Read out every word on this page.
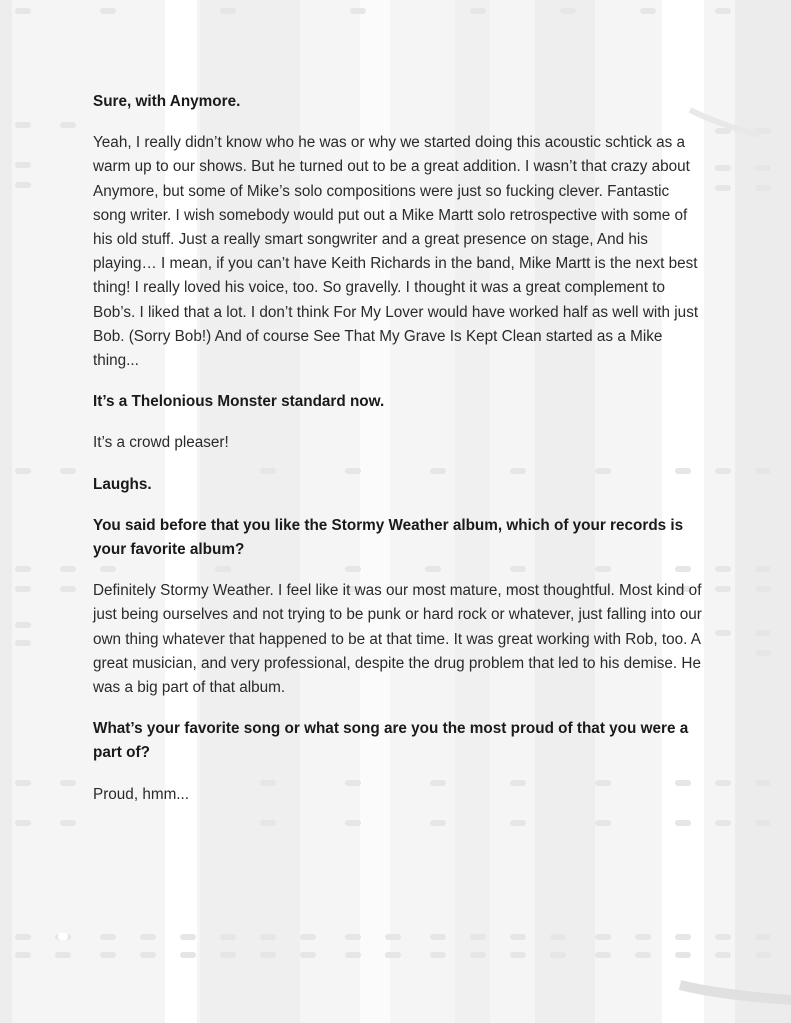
Sure, with Anymore.

Yeah, I really didn’t know who he was or why we started doing this acoustic schtick as a warm up to our shows. But he turned out to be a great addition. I wasn’t that crazy about Anymore, but some of Mike’s solo compositions were just so fucking clever. Fantastic song writer. I wish somebody would put out a Mike Martt solo retrospective with some of his old stuff. Just a really smart songwriter and a great presence on stage, And his playing… I mean, if you can’t have Keith Richards in the band, Mike Martt is the next best thing! I really loved his voice, too. So gravelly. I thought it was a great complement to Bob’s. I liked that a lot. I don’t think For My Lover would have worked half as well with just Bob. (Sorry Bob!) And of course See That My Grave Is Kept Clean started as a Mike thing...

It’s a Thelonious Monster standard now.

It’s a crowd pleaser!

Laughs.

You said before that you like the Stormy Weather album, which of your records is your favorite album?

Definitely Stormy Weather. I feel like it was our most mature, most thoughtful. Most kind of just being ourselves and not trying to be punk or hard rock or whatever, just falling into our own thing whatever that happened to be at that time. It was great working with Rob, too. A great musician, and very professional, despite the drug problem that led to his demise. He was a big part of that album.

What’s your favorite song or what song are you the most proud of that you were a part of?

Proud, hmm...
